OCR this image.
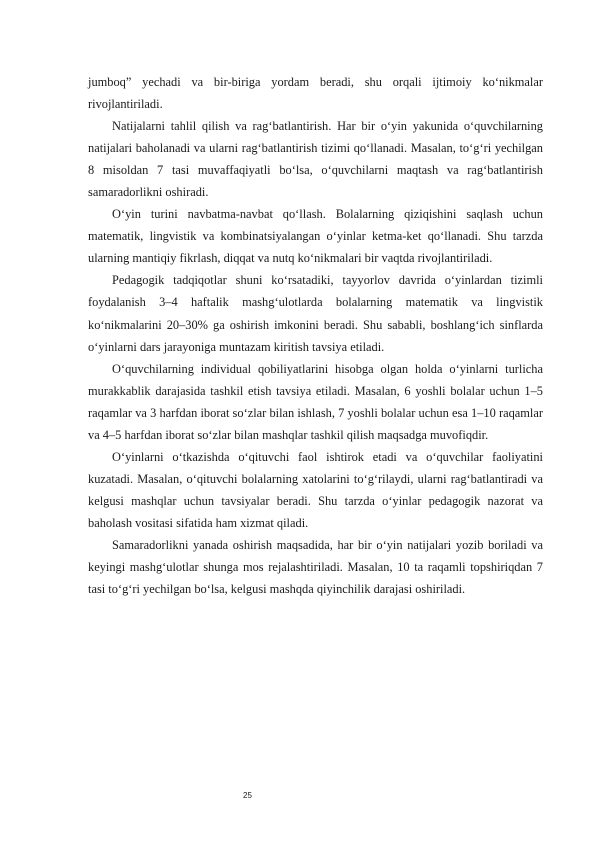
jumboq” yechadi va bir-biriga yordam beradi, shu orqali ijtimoiy ko‘nikmalar rivojlantiriladi.

Natijalarni tahlil qilish va rag‘batlantirish. Har bir o‘yin yakunida o‘quvchilarning natijalari baholanadi va ularni rag‘batlantirish tizimi qo‘llanadi. Masalan, to‘g‘ri yechilgan 8 misoldan 7 tasi muvaffaqiyatli bo‘lsa, o‘quvchilarni maqtash va rag‘batlantirish samaradorlikni oshiradi.

O‘yin turini navbatma-navbat qo‘llash. Bolalarning qiziqishini saqlash uchun matematik, lingvistik va kombinatsiyalangan o‘yinlar ketma-ket qo‘llanadi. Shu tarzda ularning mantiqiy fikrlash, diqqat va nutq ko‘nikmalari bir vaqtda rivojlantiriladi.

Pedagogik tadqiqotlar shuni ko‘rsatadiki, tayyorlov davrida o‘yinlardan tizimli foydalanish 3–4 haftalik mashg‘ulotlarda bolalarning matematik va lingvistik ko‘nikmalarini 20–30% ga oshirish imkonini beradi. Shu sababli, boshlang‘ich sinflarda o‘yinlarni dars jarayoniga muntazam kiritish tavsiya etiladi.

O‘quvchilarning individual qobiliyatlarini hisobga olgan holda o‘yinlarni turlicha murakkablik darajasida tashkil etish tavsiya etiladi. Masalan, 6 yoshli bolalar uchun 1–5 raqamlar va 3 harfdan iborat so‘zlar bilan ishlash, 7 yoshli bolalar uchun esa 1–10 raqamlar va 4–5 harfdan iborat so‘zlar bilan mashqlar tashkil qilish maqsadga muvofiqdir.

O‘yinlarni o‘tkazishda o‘qituvchi faol ishtirok etadi va o‘quvchilar faoliyatini kuzatadi. Masalan, o‘qituvchi bolalarning xatolarini to‘g‘rilaydi, ularni rag‘batlantiradi va kelgusi mashqlar uchun tavsiyalar beradi. Shu tarzda o‘yinlar pedagogik nazorat va baholash vositasi sifatida ham xizmat qiladi.

Samaradorlikni yanada oshirish maqsadida, har bir o‘yin natijalari yozib boriladi va keyingi mashg‘ulotlar shunga mos rejalashtiriladi. Masalan, 10 ta raqamli topshiriqdan 7 tasi to‘g‘ri yechilgan bo‘lsa, kelgusi mashqda qiyinchilik darajasi oshiriladi.

25
